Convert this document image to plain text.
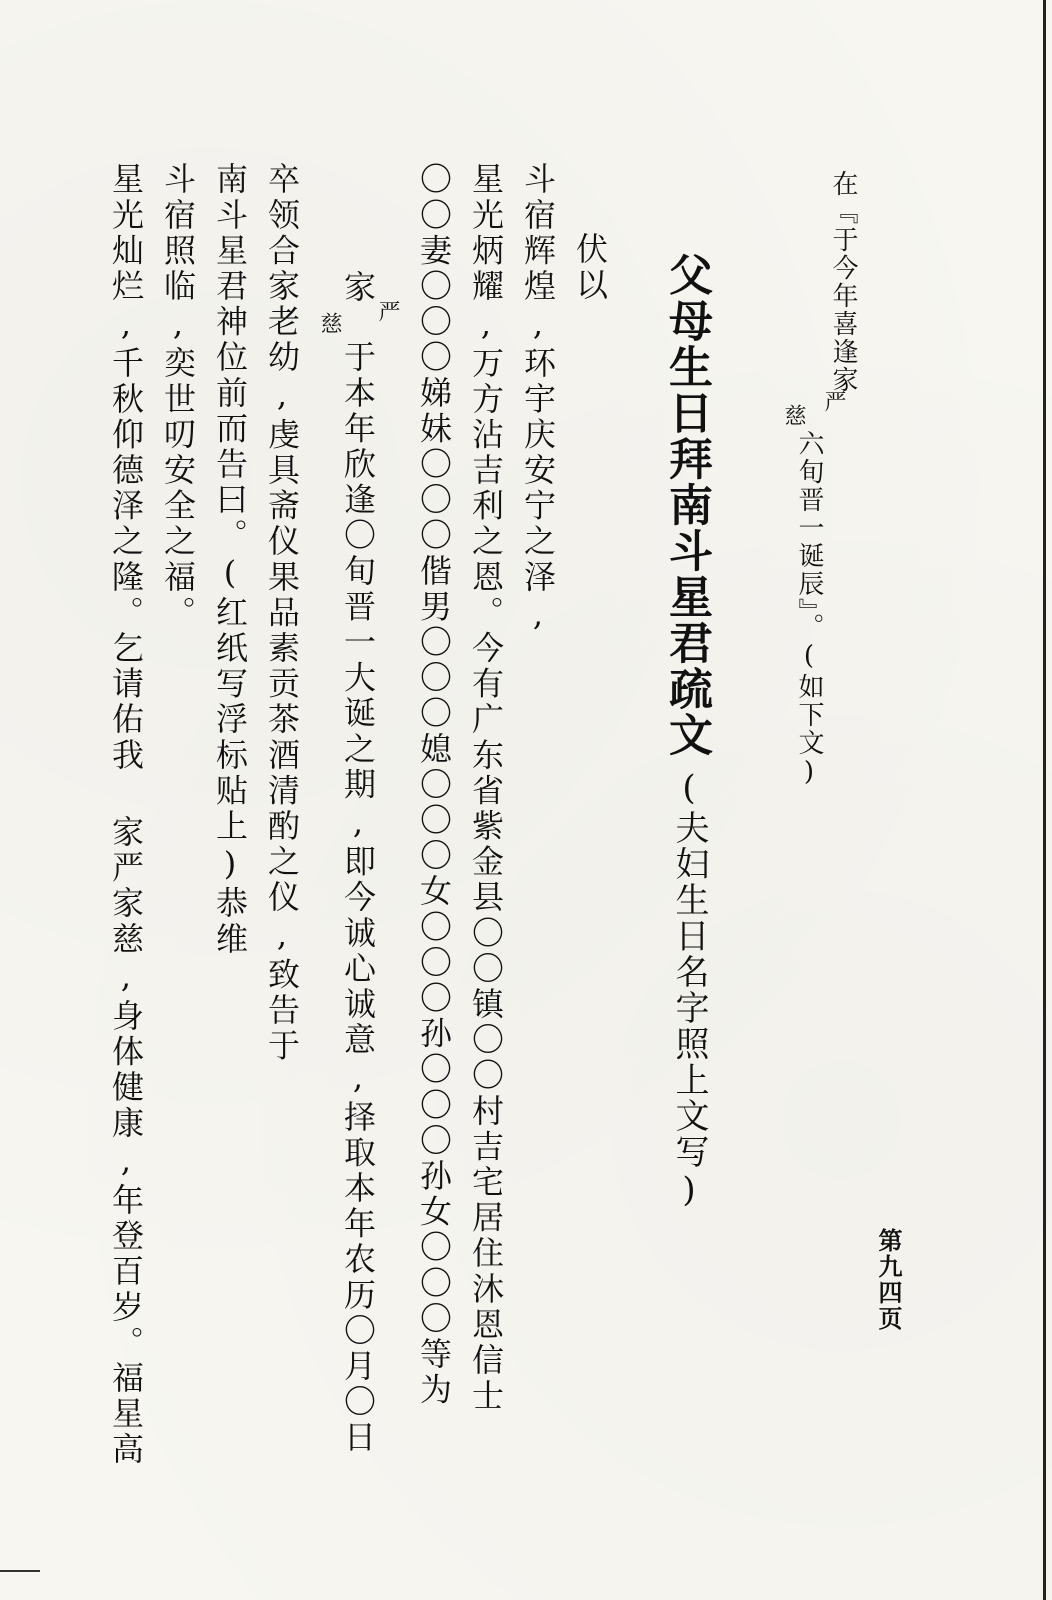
在『于今年喜逢家
严
慈
六旬晋一诞辰』。(如下文)
第九四页
父母生日拜南斗星君疏文
(夫妇生日名字照上文写)
伏以
斗宿辉煌,环宇庆安宁之泽,
星光炳耀,万方沾吉利之恩。今有广东省紫金县〇〇镇〇〇村吉宅居住沐恩信士
〇〇妻〇〇〇娣妹〇〇〇偕男〇〇〇媳〇〇〇女〇〇〇孙〇〇〇孙女〇〇〇等为
家
严
慈
于本年欣逢〇旬晋一大诞之期,即今诚心诚意,择取本年农历〇月〇日
卒领合家老幼,虔具斋仪果品素贡茶酒清酌之仪,致告于
南斗星君神位前而告曰。(红纸写浮标贴上)恭维
斗宿照临,奕世叨安全之福。
星光灿烂,千秋仰德泽之隆。乞请佑我 家严家慈,身体健康,年登百岁。福星高
